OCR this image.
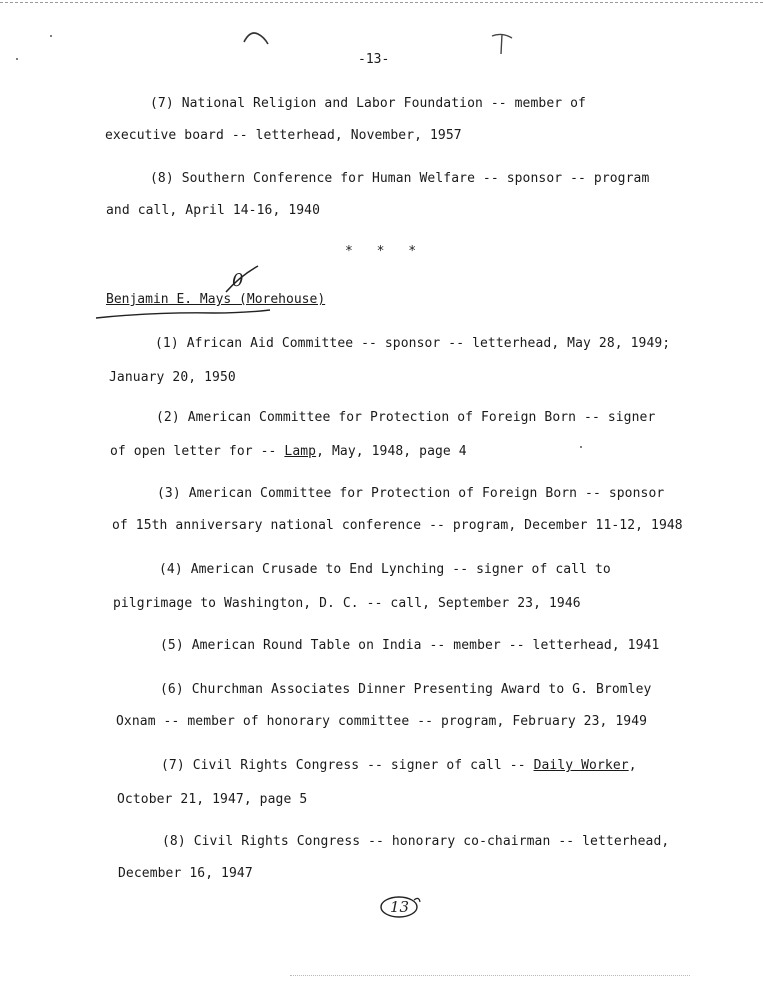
-13-
(7) National Religion and Labor Foundation -- member of
executive board -- letterhead, November, 1957
(8) Southern Conference for Human Welfare -- sponsor -- program
and call, April 14-16, 1940
* * *
0
Benjamin E. Mays (Morehouse)
(1) African Aid Committee -- sponsor -- letterhead, May 28, 1949;
January 20, 1950
(2) American Committee for Protection of Foreign Born -- signer
of open letter for -- Lamp, May, 1948, page 4
(3) American Committee for Protection of Foreign Born -- sponsor
of 15th anniversary national conference -- program, December 11-12, 1948
(4) American Crusade to End Lynching -- signer of call to
pilgrimage to Washington, D. C. -- call, September 23, 1946
(5) American Round Table on India -- member -- letterhead, 1941
(6) Churchman Associates Dinner Presenting Award to G. Bromley
Oxnam -- member of honorary committee -- program, February 23, 1949
(7) Civil Rights Congress -- signer of call -- Daily Worker,
October 21, 1947, page 5
(8) Civil Rights Congress -- honorary co-chairman -- letterhead,
December 16, 1947
13
